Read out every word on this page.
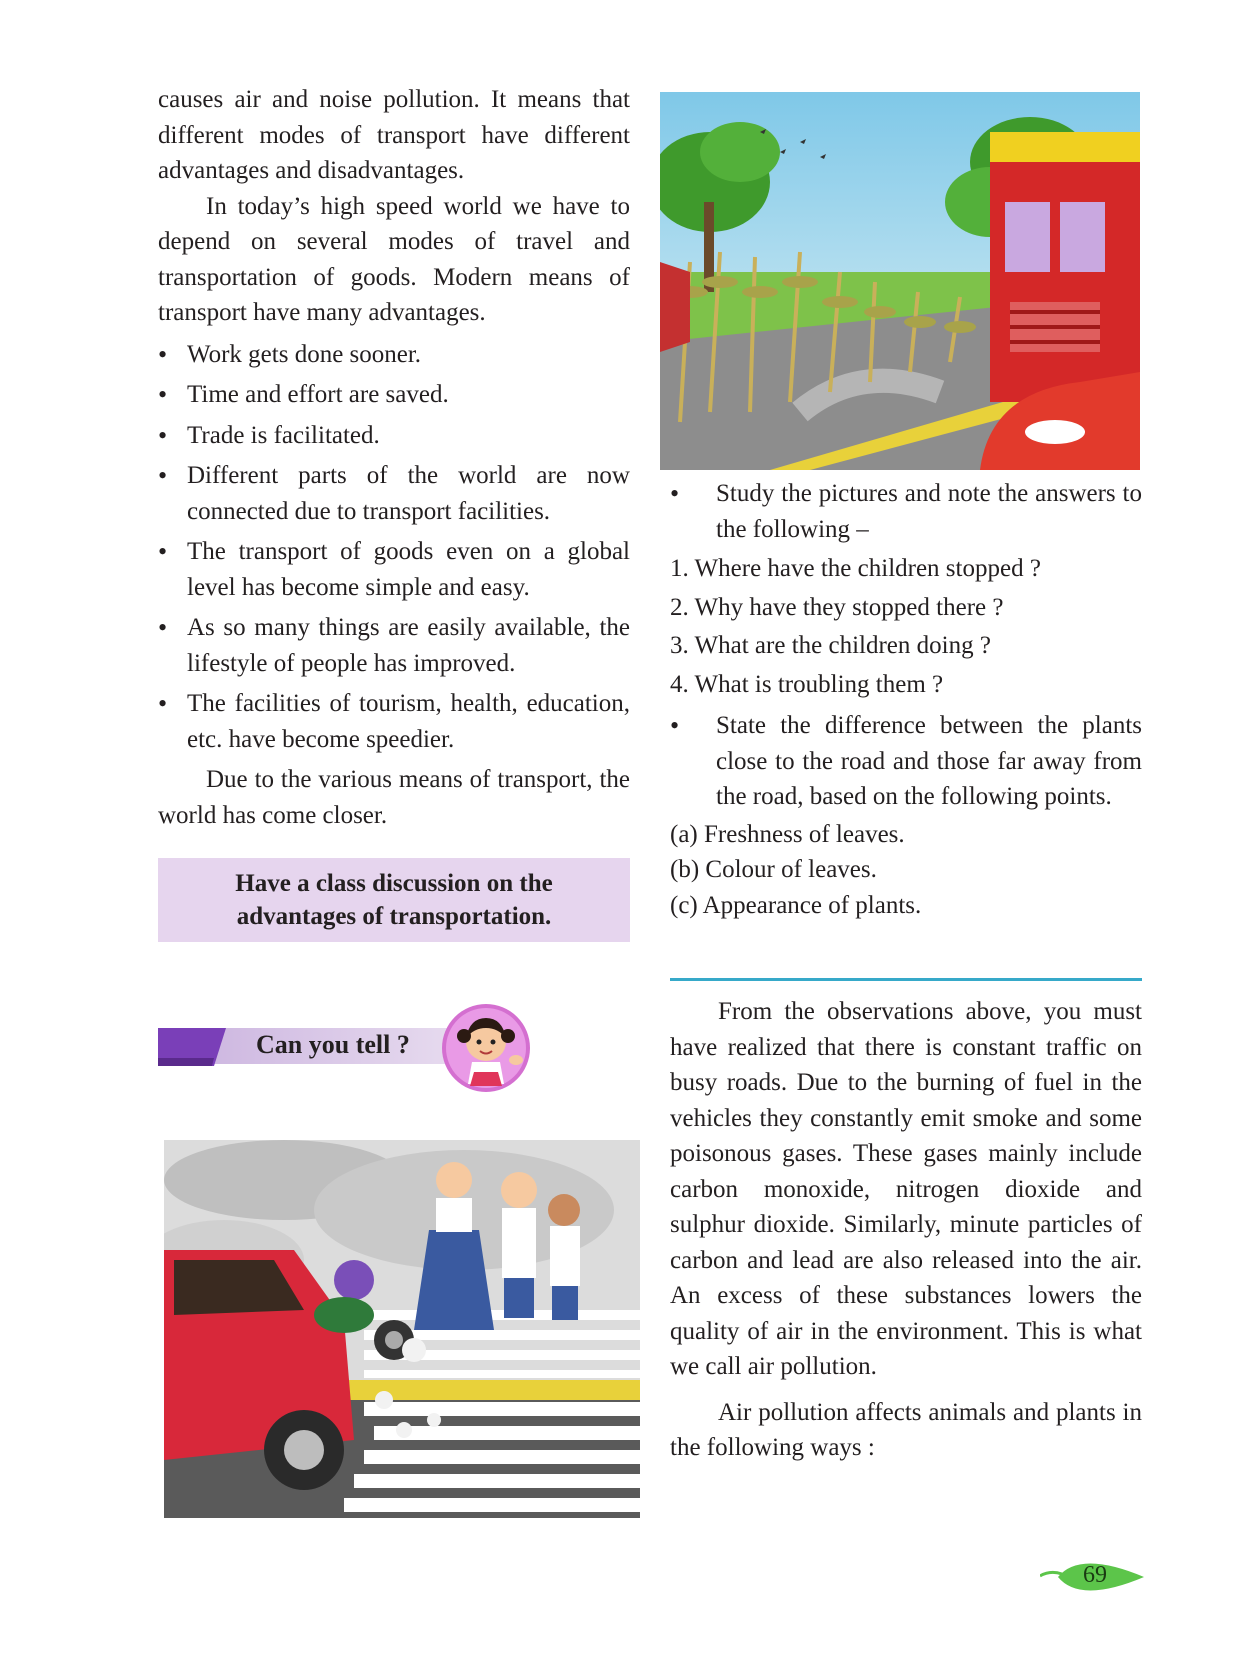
causes air and noise pollution. It means that different modes of transport have different advantages and disadvantages.

In today’s high speed world we have to depend on several modes of travel and transportation of goods. Modern means of transport have many advantages.

• Work gets done sooner.
• Time and effort are saved.
• Trade is facilitated.
• Different parts of the world are now connected due to transport facilities.
• The transport of goods even on a global level has become simple and easy.
• As so many things are easily available, the lifestyle of people has improved.
• The facilities of tourism, health, education, etc. have become speedier.

Due to the various means of transport, the world has come closer.

Have a class discussion on the advantages of transportation.
Can you tell ?

• Study the pictures and note the answers to the following –

1. Where have the children stopped ?
2. Why have they stopped there ?
3. What are the children doing ?
4. What is troubling them ?

• State the difference between the plants close to the road and those far away from the road, based on the following points.

(a) Freshness of leaves.
(b) Colour of leaves.
(c) Appearance of plants.

From the observations above, you must have realized that there is constant traffic on busy roads. Due to the burning of fuel in the vehicles they constantly emit smoke and some poisonous gases. These gases mainly include carbon monoxide, nitrogen dioxide and sulphur dioxide. Similarly, minute particles of carbon and lead are also released into the air. An excess of these substances lowers the quality of air in the environment. This is what we call air pollution.

Air pollution affects animals and plants in the following ways :

69
